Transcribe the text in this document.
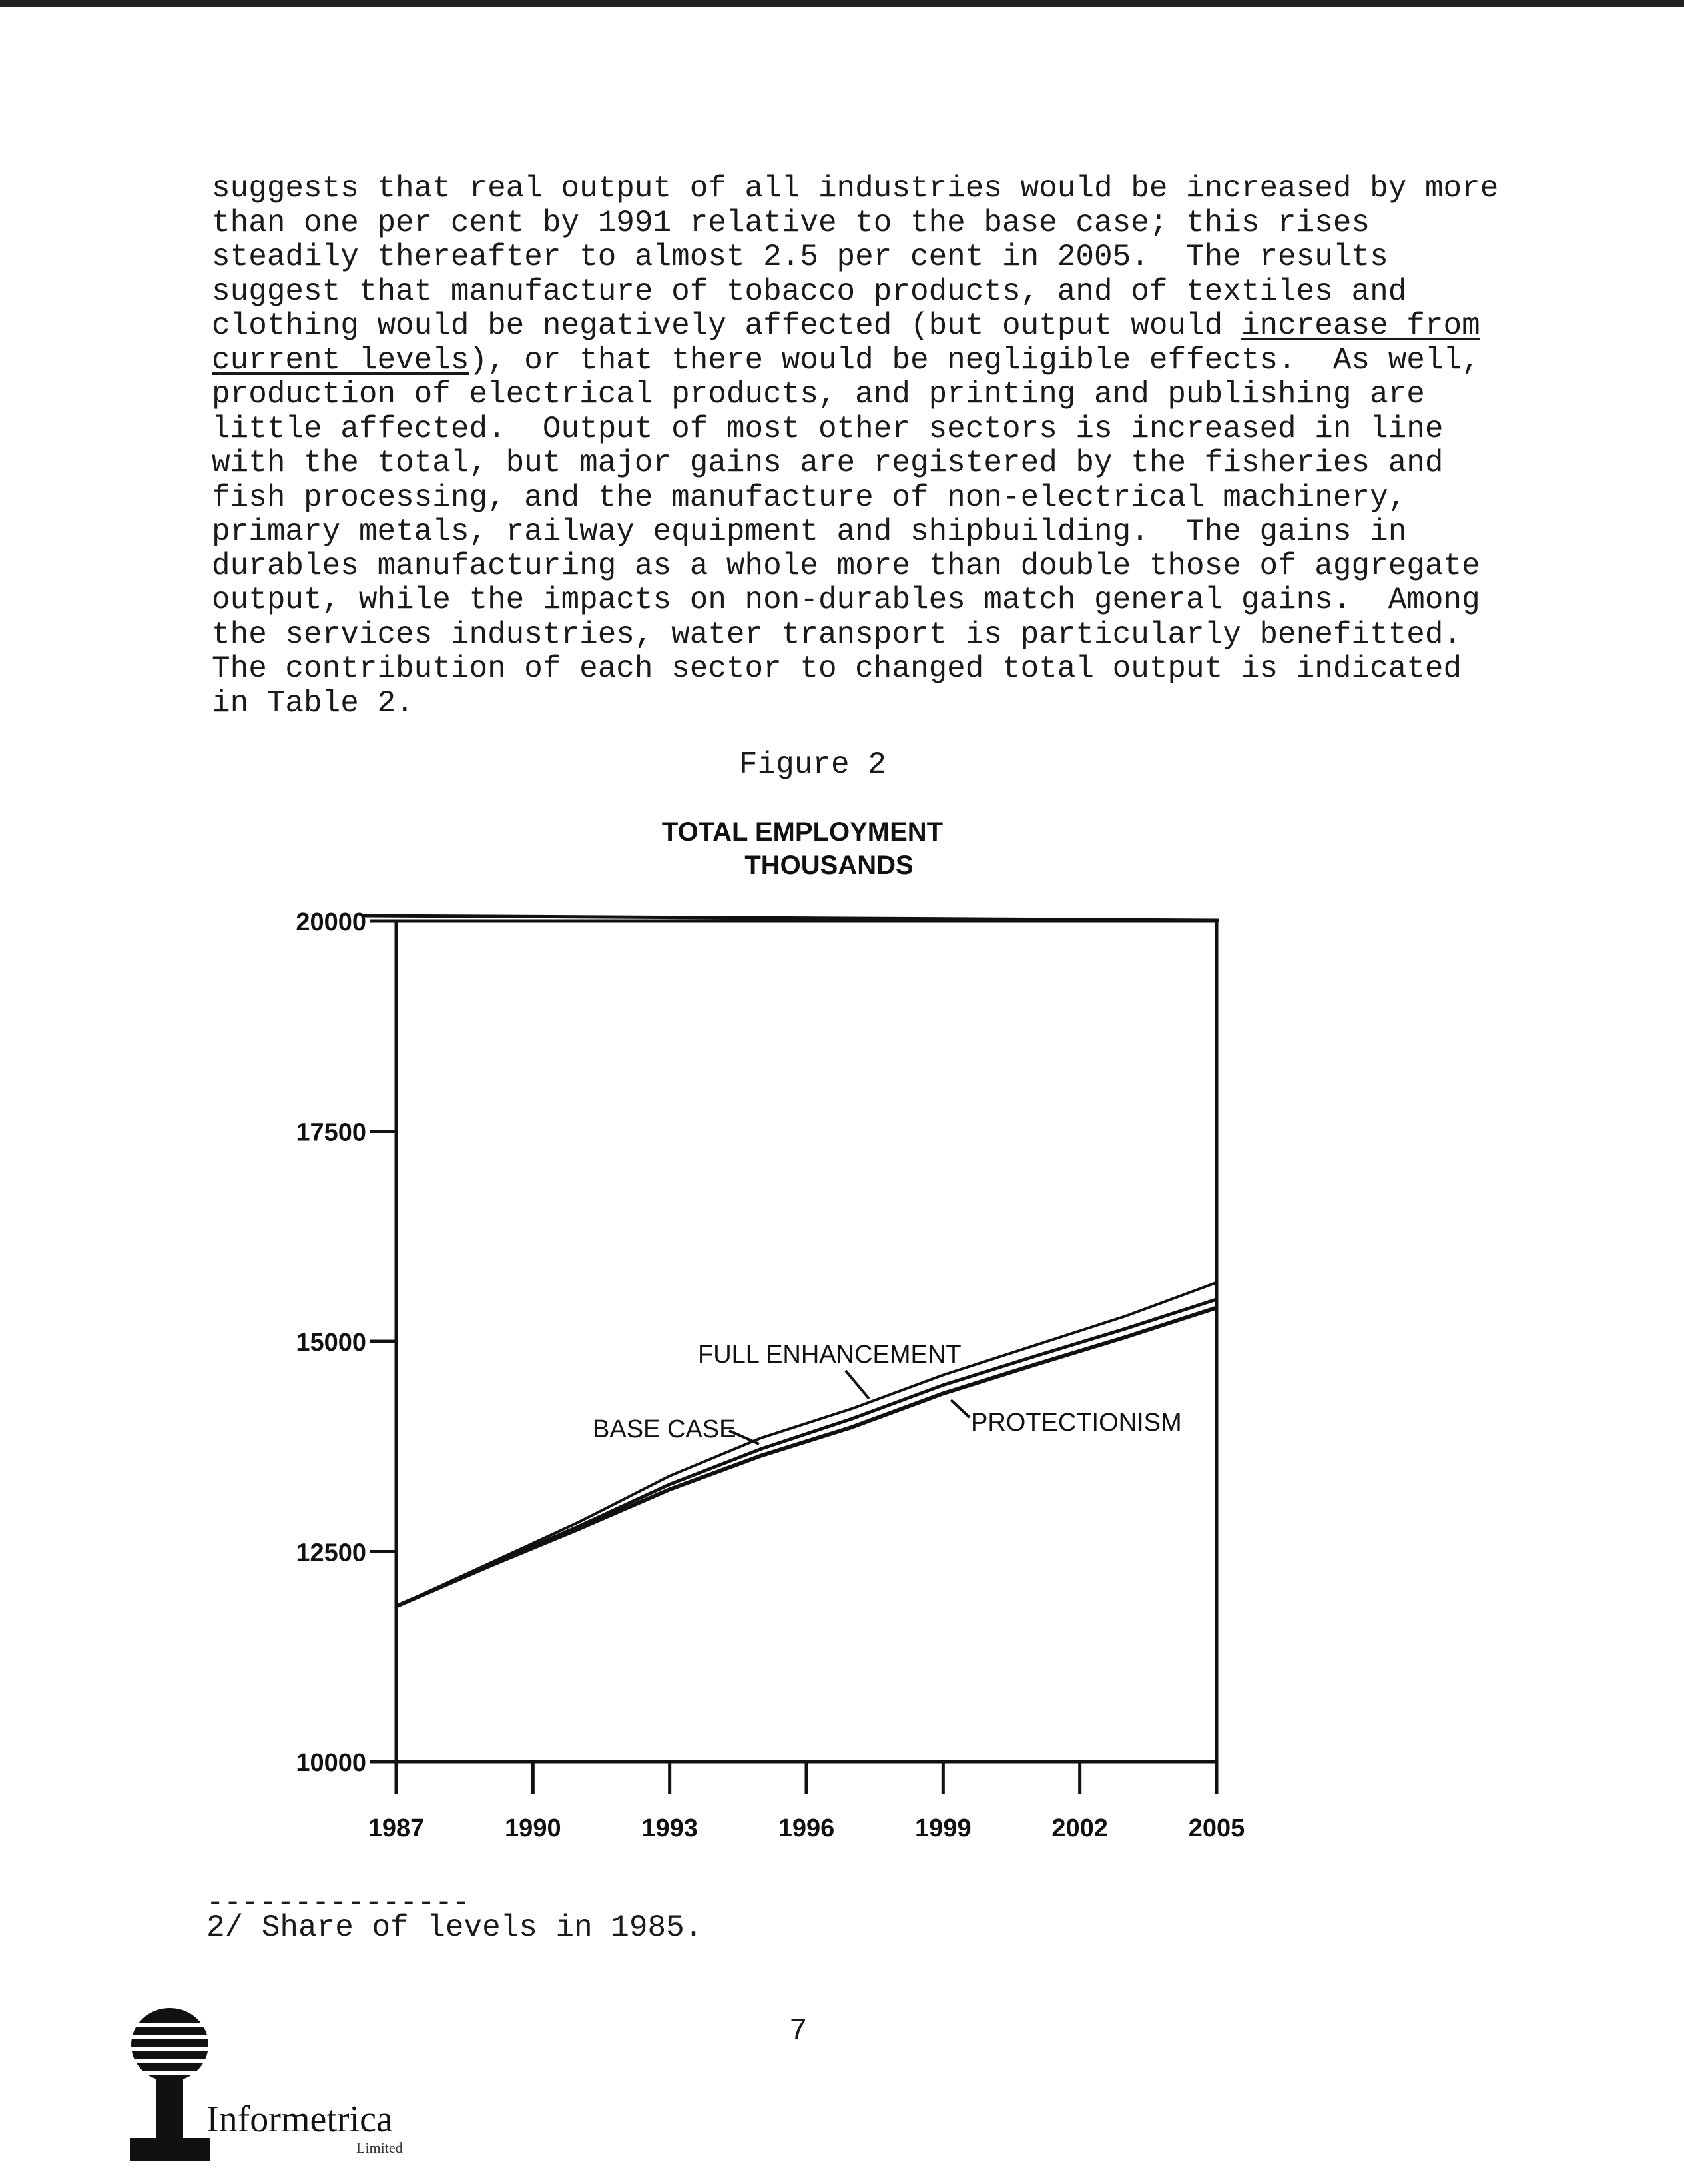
suggests that real output of all industries would be increased by more
than one per cent by 1991 relative to the base case; this rises
steadily thereafter to almost 2.5 per cent in 2005.  The results
suggest that manufacture of tobacco products, and of textiles and
clothing would be negatively affected (but output would increase from
current levels), or that there would be negligible effects.  As well,
production of electrical products, and printing and publishing are
little affected.  Output of most other sectors is increased in line
with the total, but major gains are registered by the fisheries and
fish processing, and the manufacture of non-electrical machinery,
primary metals, railway equipment and shipbuilding.  The gains in
durables manufacturing as a whole more than double those of aggregate
output, while the impacts on non-durables match general gains.  Among
the services industries, water transport is particularly benefitted.
The contribution of each sector to changed total output is indicated
in Table 2.
Figure 2
TOTAL EMPLOYMENT
THOUSANDS
10000
12500
15000
17500
20000
1987	1990	1993	1996	1999	2002	2005
FULL ENHANCEMENT
BASE CASE	PROTECTIONISM
---------------
2/ Share of levels in 1985.
7
Informetrica
Limited
